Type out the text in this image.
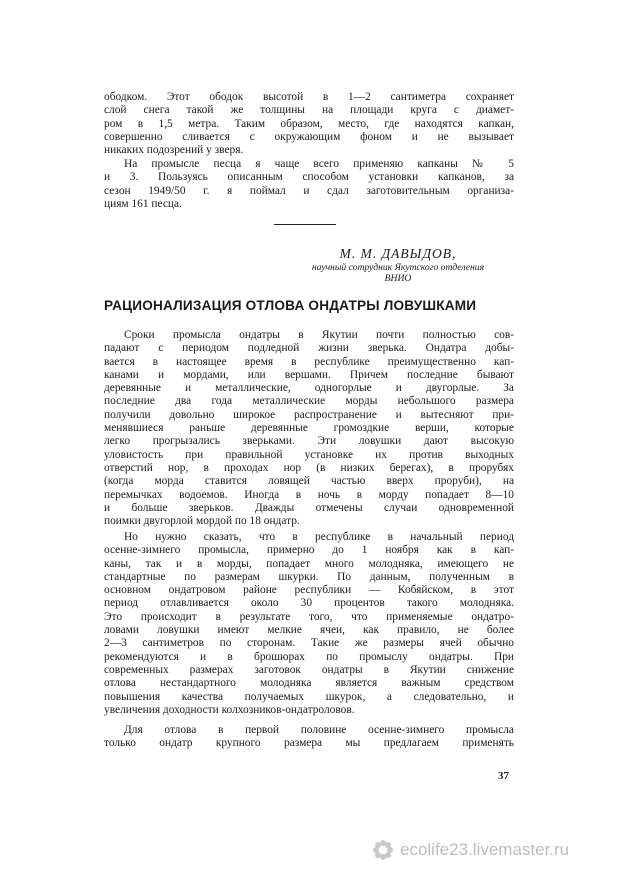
ободком. Этот ободок высотой в 1—2 сантиметра сохраняет
слой снега такой же толщины на площади круга с диамет-
ром в 1,5 метра. Таким образом, место, где находятся капкан,
совершенно сливается с окружающим фоном и не вызывает
никаких подозрений у зверя.

На промысле песца я чаще всего применяю капканы № 5
и 3. Пользуясь описанным способом установки капканов, за
сезон 1949/50 г. я поймал и сдал заготовительным организа-
циям 161 песца.

М. М. ДАВЫДОВ,
научный сотрудник Якутского отделения
ВНИО
РАЦИОНАЛИЗАЦИЯ ОТЛОВА ОНДАТРЫ ЛОВУШКАМИ

Сроки промысла ондатры в Якутии почти полностью сов-
падают с периодом подледной жизни зверька. Ондатра добы-
вается в настоящее время в республике преимущественно кап-
канами и мордами, или вершами. Причем последние бывают
деревянные и металлические, одногорлые и двугорлые. За
последние два года металлические морды небольшого размера
получили довольно широкое распространение и вытесняют при-
менявшиеся раньше деревянные громоздкие верши, которые
легко прогрызались зверьками. Эти ловушки дают высокую
уловистость при правильной установке их против выходных
отверстий нор, в проходах нор (в низких берегах), в прорубях
(когда морда ставится ловящей частью вверх проруби), на
перемычках водоемов. Иногда в ночь в морду попадает 8—10
и больше зверьков. Дважды отмечены случаи одновременной
поимки двугорлой мордой по 18 ондатр.

Но нужно сказать, что в республике в начальный период
осенне-зимнего промысла, примерно до 1 ноября как в кап-
каны, так и в морды, попадает много молодняка, имеющего не
стандартные по размерам шкурки. По данным, полученным в
основном ондатровом районе республики — Кобяйском, в этот
период отлавливается около 30 процентов такого молодняка.
Это происходит в результате того, что применяемые ондатро-
ловами ловушки имеют мелкие ячеи, как правило, не более
2—3 сантиметров по сторонам. Такие же размеры ячей обычно
рекомендуются и в брошюрах по промыслу ондатры. При
современных размерах заготовок ондатры в Якутии снижение
отлова нестандартного молодняка является важным средством
повышения качества получаемых шкурок, а следовательно, и
увеличения доходности колхозников-ондатроловов.

Для отлова в первой половине осенне-зимнего промысла
только ондатр крупного размера мы предлагаем применять

37
ecolife23.livemaster.ru
